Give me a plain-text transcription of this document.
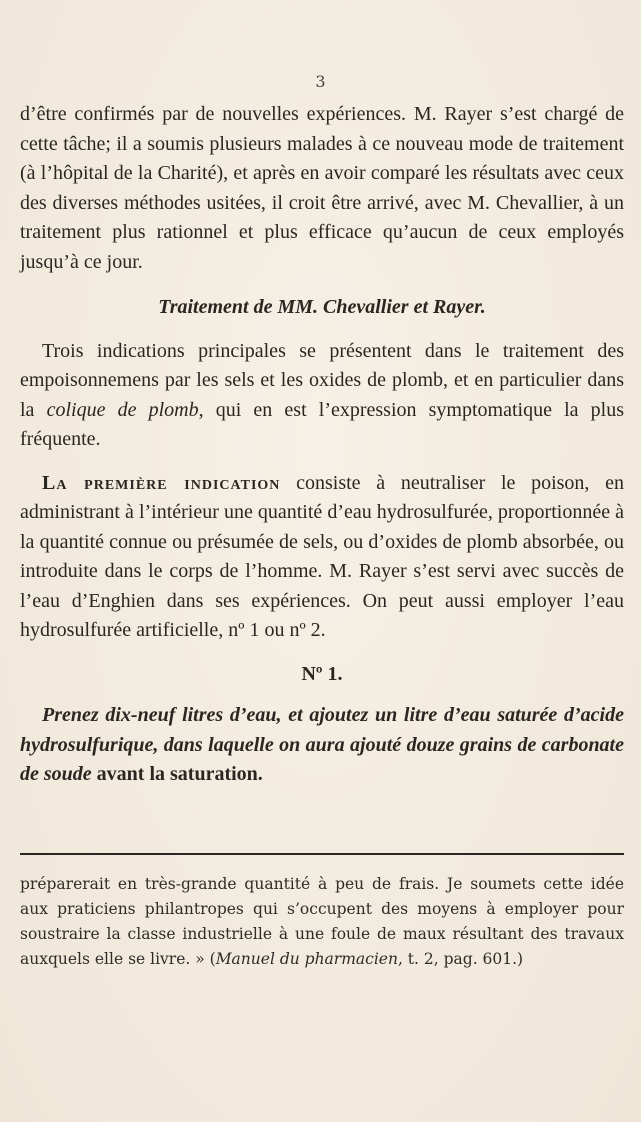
3

d’être confirmés par de nouvelles expériences. M. Rayer s’est chargé de cette tâche; il a soumis plusieurs malades à ce nouveau mode de traitement (à l’hôpital de la Charité), et après en avoir comparé les résultats avec ceux des diverses méthodes usitées, il croit être arrivé, avec M. Chevallier, à un traitement plus rationnel et plus efficace qu’aucun de ceux employés jusqu’à ce jour.

Traitement de MM. Chevallier et Rayer.

Trois indications principales se présentent dans le traitement des empoisonnemens par les sels et les oxides de plomb, et en particulier dans la colique de plomb, qui en est l’expression symptomatique la plus fréquente.

La première indication consiste à neutraliser le poison, en administrant à l’intérieur une quantité d’eau hydrosulfurée, proportionnée à la quantité connue ou présumée de sels, ou d’oxides de plomb absorbée, ou introduite dans le corps de l’homme. M. Rayer s’est servi avec succès de l’eau d’Enghien dans ses expériences. On peut aussi employer l’eau hydrosulfurée artificielle, nº 1 ou nº 2.

Nº 1.

Prenez dix-neuf litres d’eau, et ajoutez un litre d’eau saturée d’acide hydrosulfurique, dans laquelle on aura ajouté douze grains de carbonate de soude avant la saturation.

préparerait en très-grande quantité à peu de frais. Je soumets cette idée aux praticiens philantropes qui s’occupent des moyens à employer pour soustraire la classe industrielle à une foule de maux résultant des travaux auxquels elle se livre. » (Manuel du pharmacien, t. 2, pag. 601.)
